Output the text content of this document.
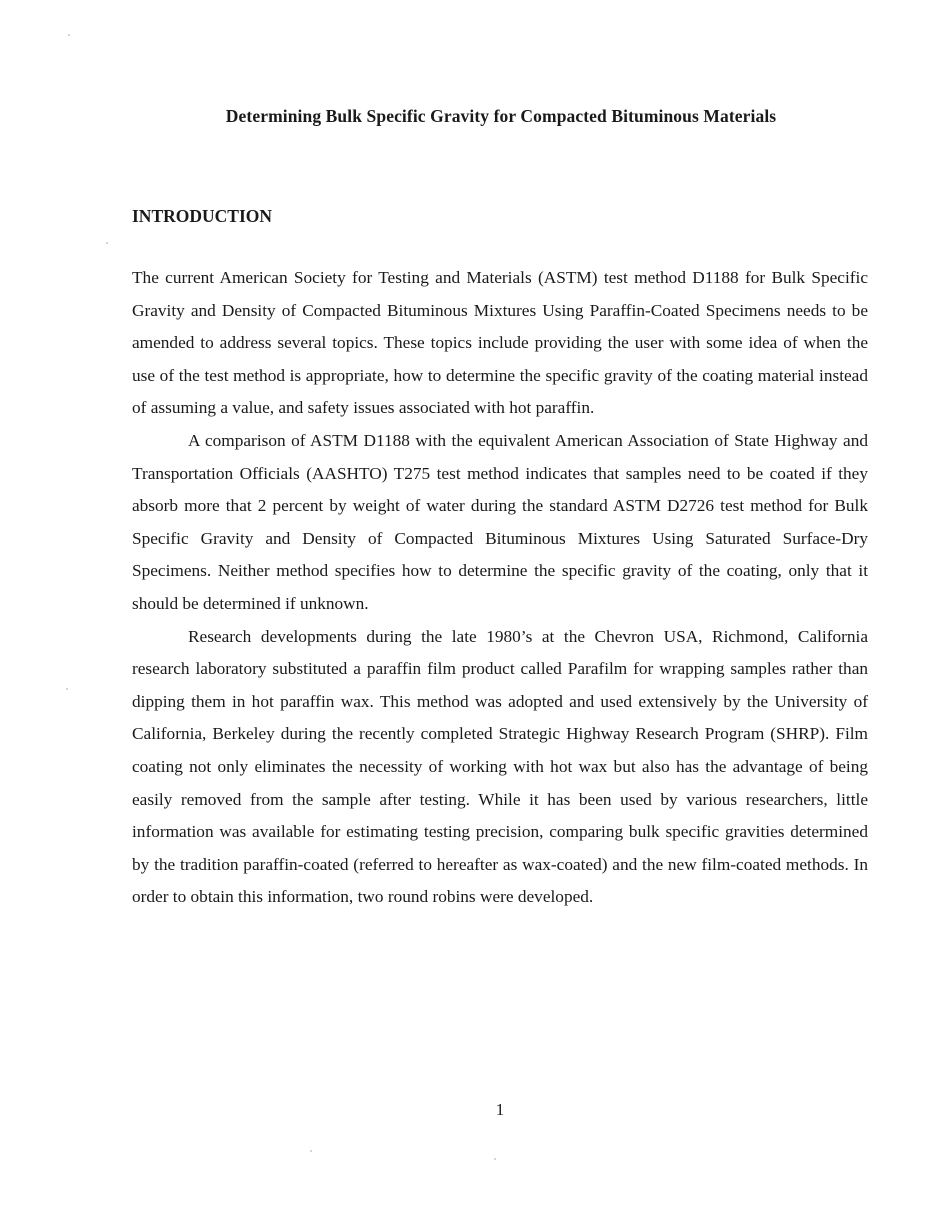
Determining Bulk Specific Gravity for Compacted Bituminous Materials
INTRODUCTION

The current American Society for Testing and Materials (ASTM) test method D1188 for Bulk Specific Gravity and Density of Compacted Bituminous Mixtures Using Paraffin-Coated Specimens needs to be amended to address several topics. These topics include providing the user with some idea of when the use of the test method is appropriate, how to determine the specific gravity of the coating material instead of assuming a value, and safety issues associated with hot paraffin.

A comparison of ASTM D1188 with the equivalent American Association of State Highway and Transportation Officials (AASHTO) T275 test method indicates that samples need to be coated if they absorb more that 2 percent by weight of water during the standard ASTM D2726 test method for Bulk Specific Gravity and Density of Compacted Bituminous Mixtures Using Saturated Surface-Dry Specimens. Neither method specifies how to determine the specific gravity of the coating, only that it should be determined if unknown.

Research developments during the late 1980’s at the Chevron USA, Richmond, California research laboratory substituted a paraffin film product called Parafilm for wrapping samples rather than dipping them in hot paraffin wax. This method was adopted and used extensively by the University of California, Berkeley during the recently completed Strategic Highway Research Program (SHRP). Film coating not only eliminates the necessity of working with hot wax but also has the advantage of being easily removed from the sample after testing. While it has been used by various researchers, little information was available for estimating testing precision, comparing bulk specific gravities determined by the tradition paraffin-coated (referred to hereafter as wax-coated) and the new film-coated methods. In order to obtain this information, two round robins were developed.

1
